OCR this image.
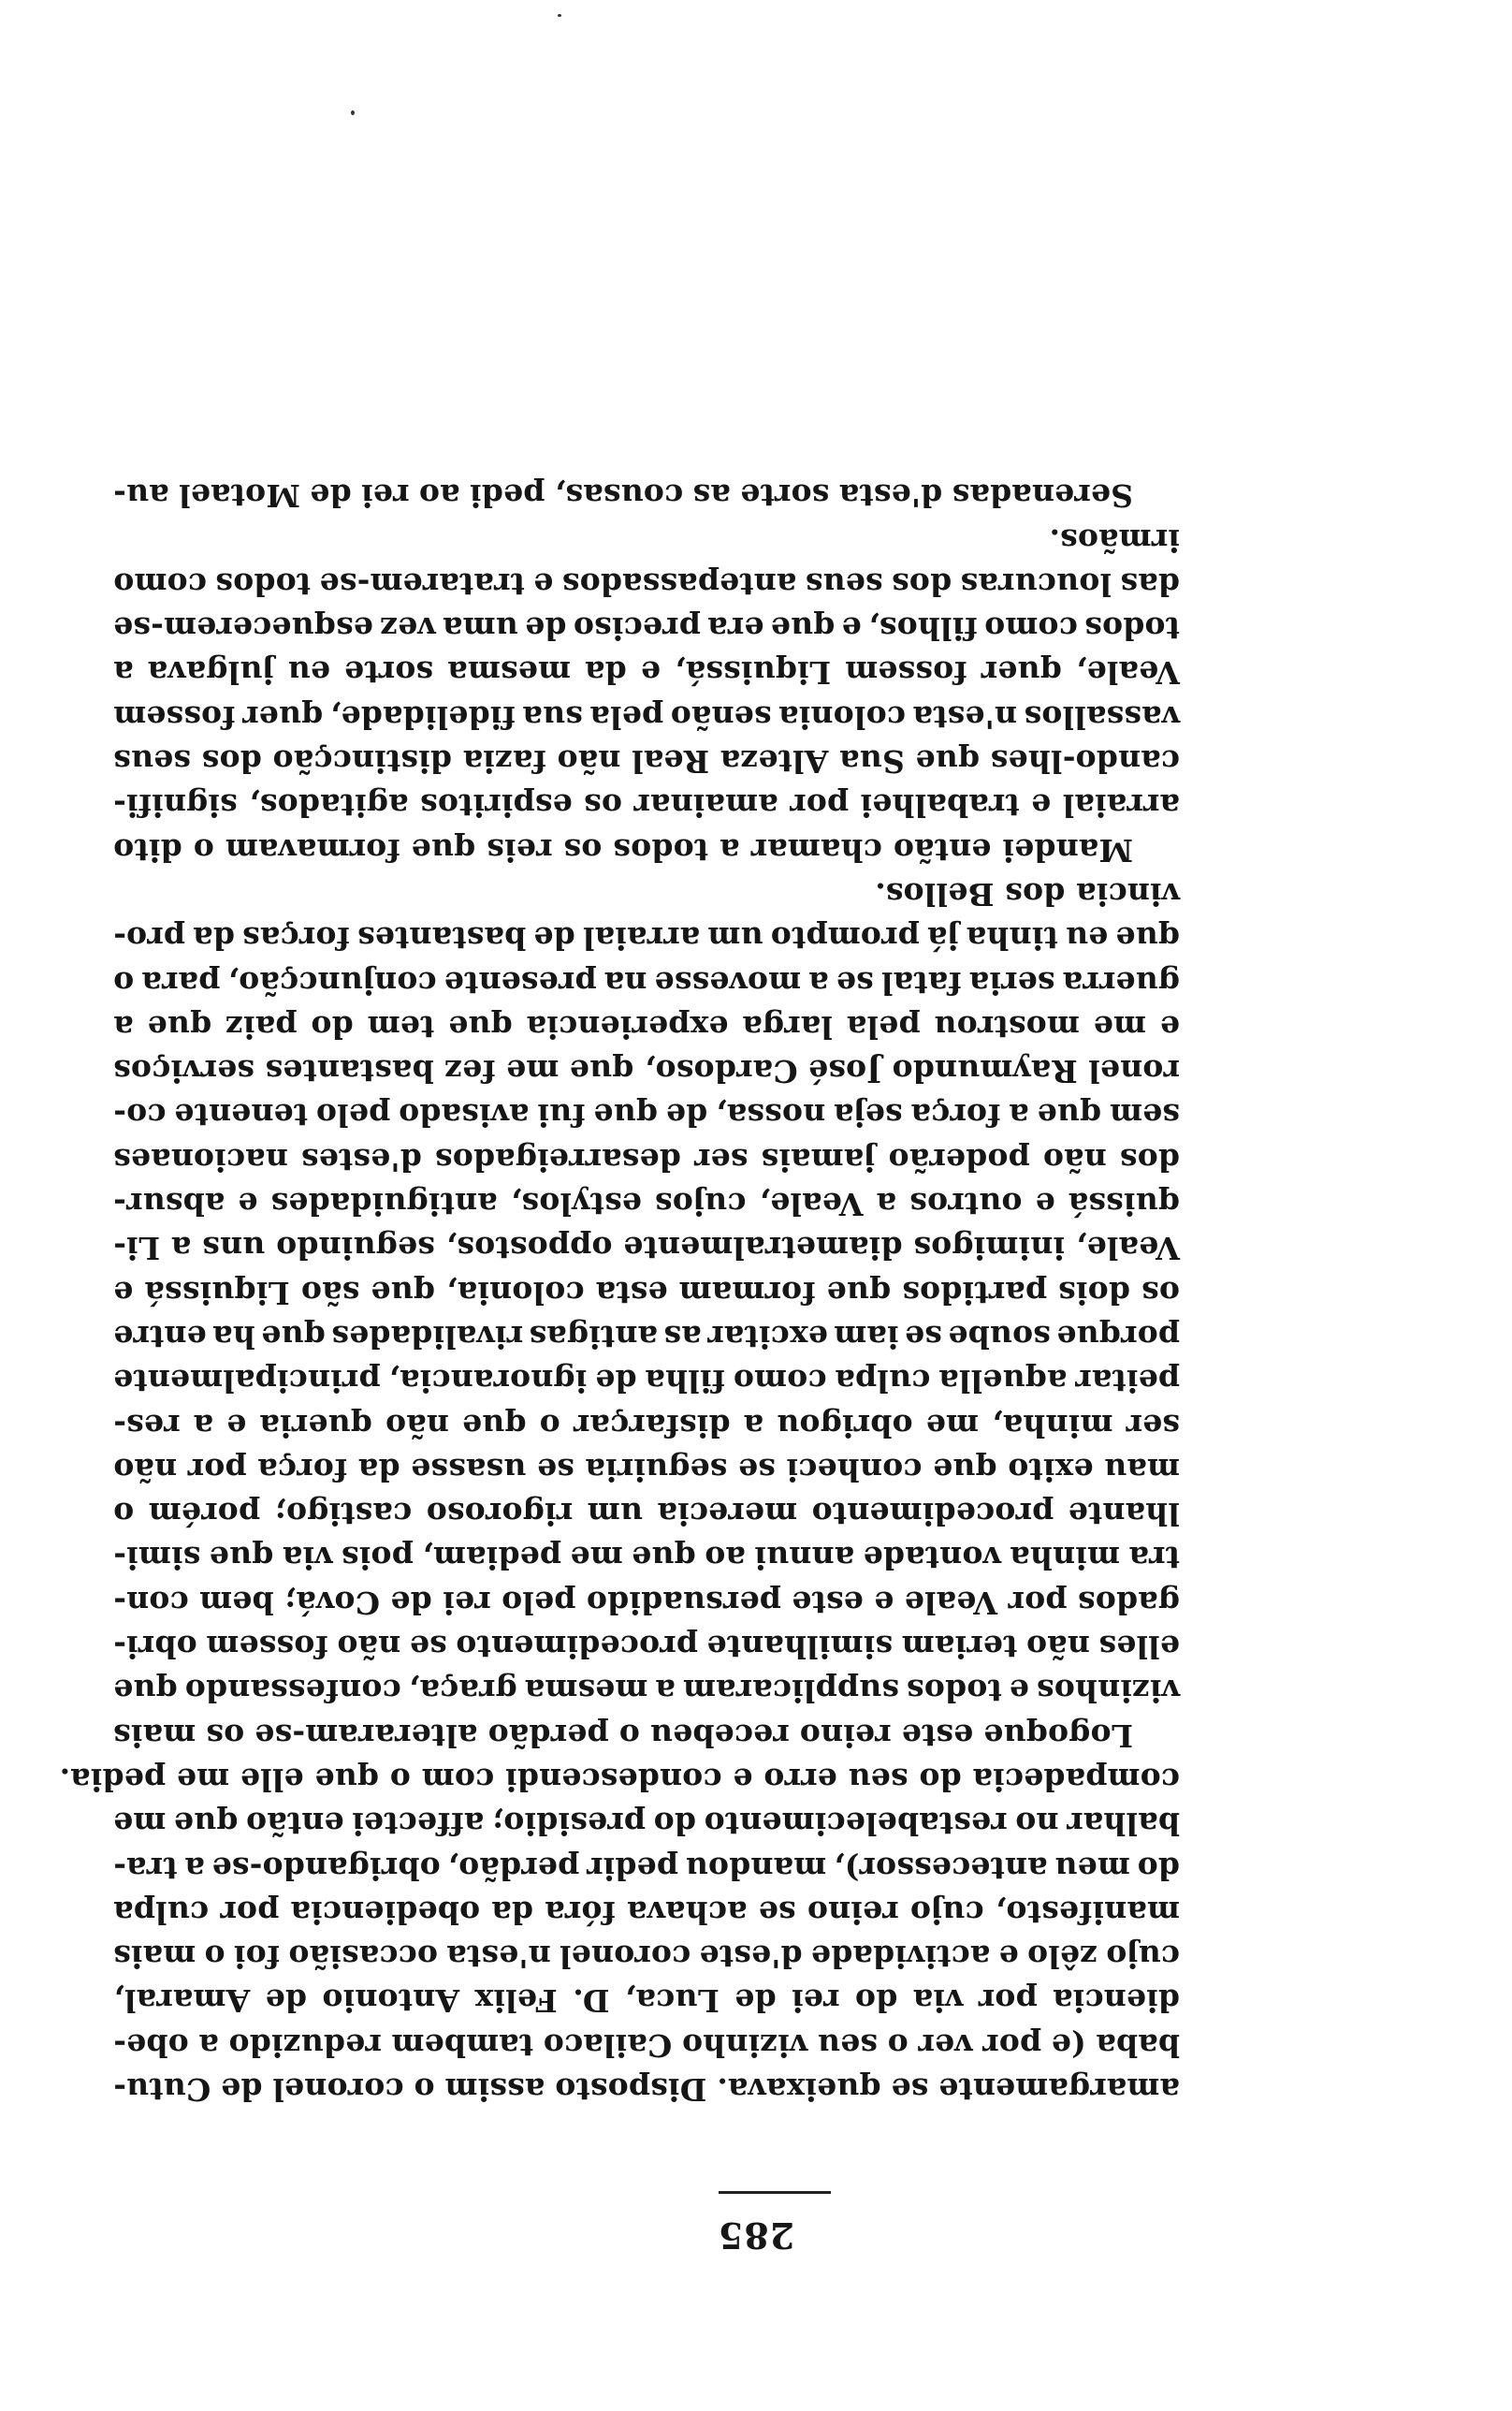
285
amargamente
se
queixava.
Disposto
assim
o
coronel
de
Cutu-
baba
(e
por
ver
o
seu
vizinho
Cailaco
tambem
reduzido
a
obe-
diencia
por
via
do
rei
de
Luca,
D.
Felix
Antonio
de
Amaral,
cujo
zêlo
e
actividade
d'este
coronel
n'esta
occasião
foi
o
mais
manifesto,
cujo
reino
se
achava
fóra
da
obediencia
por
culpa
do
meu
antecessor),
mandou
pedir
perdão,
obrigando-se
a
tra-
balhar
no
restabelecimento
do
presidio;
affectei
então
que
me
compadecia do seu erro e condescendi com o que elle me pedia.
Logoque
este
reino
recebeu
o
perdão
alteraram-se
os
mais
vizinhos
e
todos
supplicaram
a
mesma
graça,
confessando
que
elles
não
teriam
similhante
procedimento
se
não
fossem
obri-
gados
por
Veale
e
este
persuadido
pelo
rei
de
Cová;
bem
con-
tra
minha
vontade
annui
ao
que
me
pediam,
pois
via
que
simi-
lhante
procedimento
merecia
um
rigoroso
castigo;
porém
o
mau
exito
que
conheci
se
seguiria
se
usasse
da
força
por
não
ser
minha,
me
obrigou
a
disfarçar
o
que
não
queria
e
a
res-
peitar
aquella
culpa
como
filha
de
ignorancia,
principalmente
porque
soube
se
iam
excitar
as
antigas
rivalidades
que
ha
entre
os
dois
partidos
que
formam
esta
colonia,
que
são
Liquissá
e
Veale,
inimigos
diametralmente
oppostos,
seguindo
uns
a
Li-
quissá
e
outros
a
Veale,
cujos
estylos,
antiguidades
e
absur-
dos
não
poderão
jamais
ser
desarreigados
d'estes
nacionaes
sem
que
a
força
seja
nossa,
de
que
fui
avisado
pelo
tenente
co-
ronel
Raymundo
José
Cardoso,
que
me
fez
bastantes
serviços
e
me
mostrou
pela
larga
experiencia
que
tem
do
paiz
que
a
guerra
seria
fatal
se
a
movesse
na
presente
conjuncção,
para
o
que
eu
tinha
já
prompto
um
arraial
de
bastantes
forças
da
pro-
vincia dos Bellos.
Mandei
então
chamar
a
todos
os
reis
que
formavam
o
dito
arraial
e
trabalhei
por
amainar
os
espiritos
agitados,
signifi-
cando-lhes
que
Sua
Alteza
Real
não
fazia
distincção
dos
seus
vassallos
n'esta
colonia
senão
pela
sua
fidelidade,
quer
fossem
Veale,
quer
fossem
Liquissá,
e
da
mesma
sorte
eu
julgava
a
todos
como
filhos,
e
que
era
preciso
de
uma
vez
esquecerem-se
das
loucuras
dos
seus
antepassados
e
tratarem-se
todos
como
irmãos.
Serenadas
d'esta
sorte
as
cousas,
pedi
ao
rei
de
Motael
au-
